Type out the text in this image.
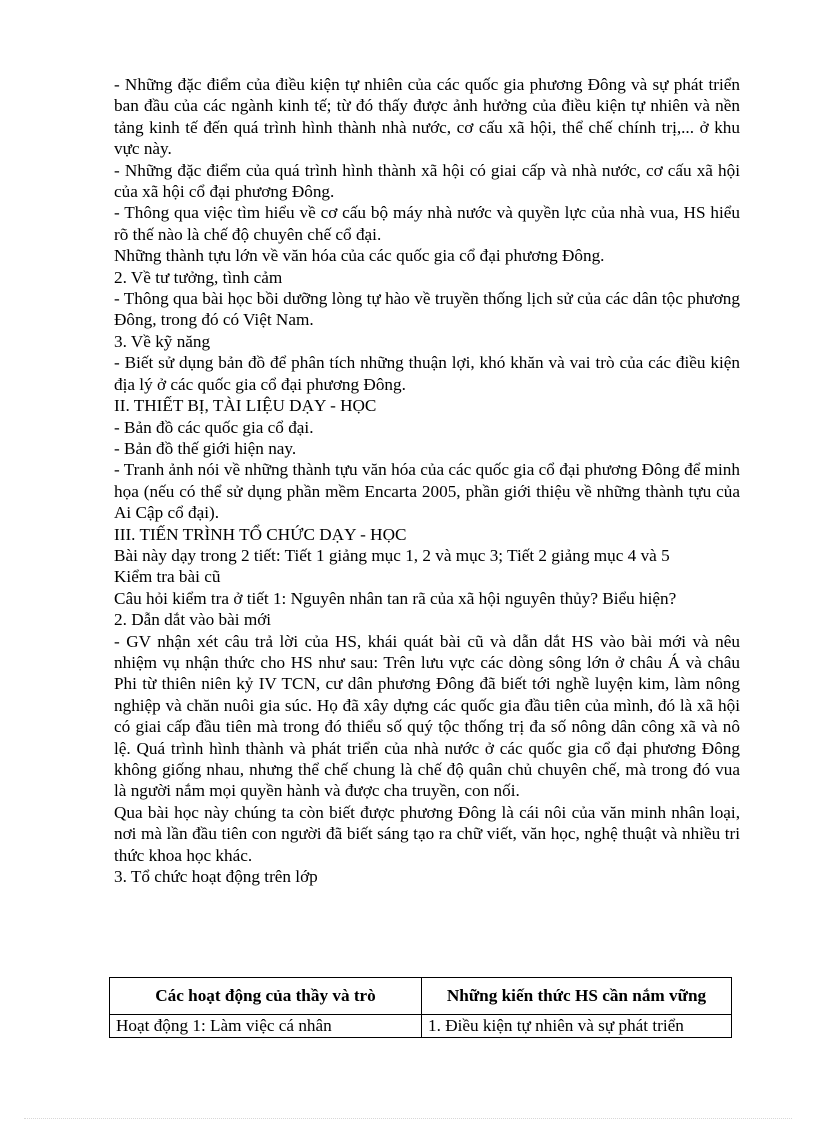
- Những đặc điểm của điều kiện tự nhiên của các quốc gia phương Đông và sự phát triển ban đầu của các ngành kinh tế; từ đó thấy được ảnh hưởng của điều kiện tự nhiên và nền tảng kinh tế đến quá trình hình thành nhà nước, cơ cấu xã hội, thể chế chính trị,... ở khu vực này.

- Những đặc điểm của quá trình hình thành xã hội có giai cấp và nhà nước, cơ cấu xã hội của xã hội cổ đại phương Đông.

- Thông qua việc tìm hiểu về cơ cấu bộ máy nhà nước và quyền lực của nhà vua, HS hiểu rõ thế nào là chế độ chuyên chế cổ đại.

Những thành tựu lớn về văn hóa của các quốc gia cổ đại phương Đông.

2. Về tư tưởng, tình cảm

- Thông qua bài học bồi dưỡng lòng tự hào về truyền thống lịch sử của các dân tộc phương Đông, trong đó có Việt Nam.

3. Về kỹ năng

- Biết sử dụng bản đồ để phân tích những thuận lợi, khó khăn và vai trò của các điều kiện địa lý ở các quốc gia cổ đại phương Đông.

II. THIẾT BỊ, TÀI LIỆU DẠY - HỌC

- Bản đồ các quốc gia cổ đại.

- Bản đồ thế giới hiện nay.

- Tranh ảnh nói về những thành tựu văn hóa của các quốc gia cổ đại phương Đông để minh họa (nếu có thể sử dụng phần mềm Encarta 2005, phần giới thiệu về những thành tựu của Ai Cập cổ đại).

III. TIẾN TRÌNH TỔ CHỨC DẠY - HỌC

Bài này dạy trong 2 tiết: Tiết 1 giảng mục 1, 2 và mục 3; Tiết 2 giảng mục 4 và 5

Kiểm tra bài cũ

Câu hỏi kiểm tra ở tiết 1: Nguyên nhân tan rã của xã hội nguyên thủy? Biểu hiện?

2. Dẫn dắt vào bài mới

- GV nhận xét câu trả lời của HS, khái quát bài cũ và dẫn dắt HS vào bài mới và nêu nhiệm vụ nhận thức cho HS như sau: Trên lưu vực các dòng sông lớn ở châu Á và châu Phi từ thiên niên kỷ IV TCN, cư dân phương Đông đã biết tới nghề luyện kim, làm nông nghiệp và chăn nuôi gia súc. Họ đã xây dựng các quốc gia đầu tiên của mình, đó là xã hội có giai cấp đầu tiên mà trong đó thiểu số quý tộc thống trị đa số nông dân công xã và nô lệ. Quá trình hình thành và phát triển của nhà nước ở các quốc gia cổ đại phương Đông không giống nhau, nhưng thể chế chung là chế độ quân chủ chuyên chế, mà trong đó vua là người nắm mọi quyền hành và được cha truyền, con nối.

Qua bài học này chúng ta còn biết được phương Đông là cái nôi của văn minh nhân loại, nơi mà lần đầu tiên con người đã biết sáng tạo ra chữ viết, văn học, nghệ thuật và nhiều tri thức khoa học khác.

3. Tổ chức hoạt động trên lớp

Các hoạt động của thầy và trò	Những kiến thức HS cần nắm vững
Hoạt động 1: Làm việc cá nhân	1. Điều kiện tự nhiên và sự phát triển
